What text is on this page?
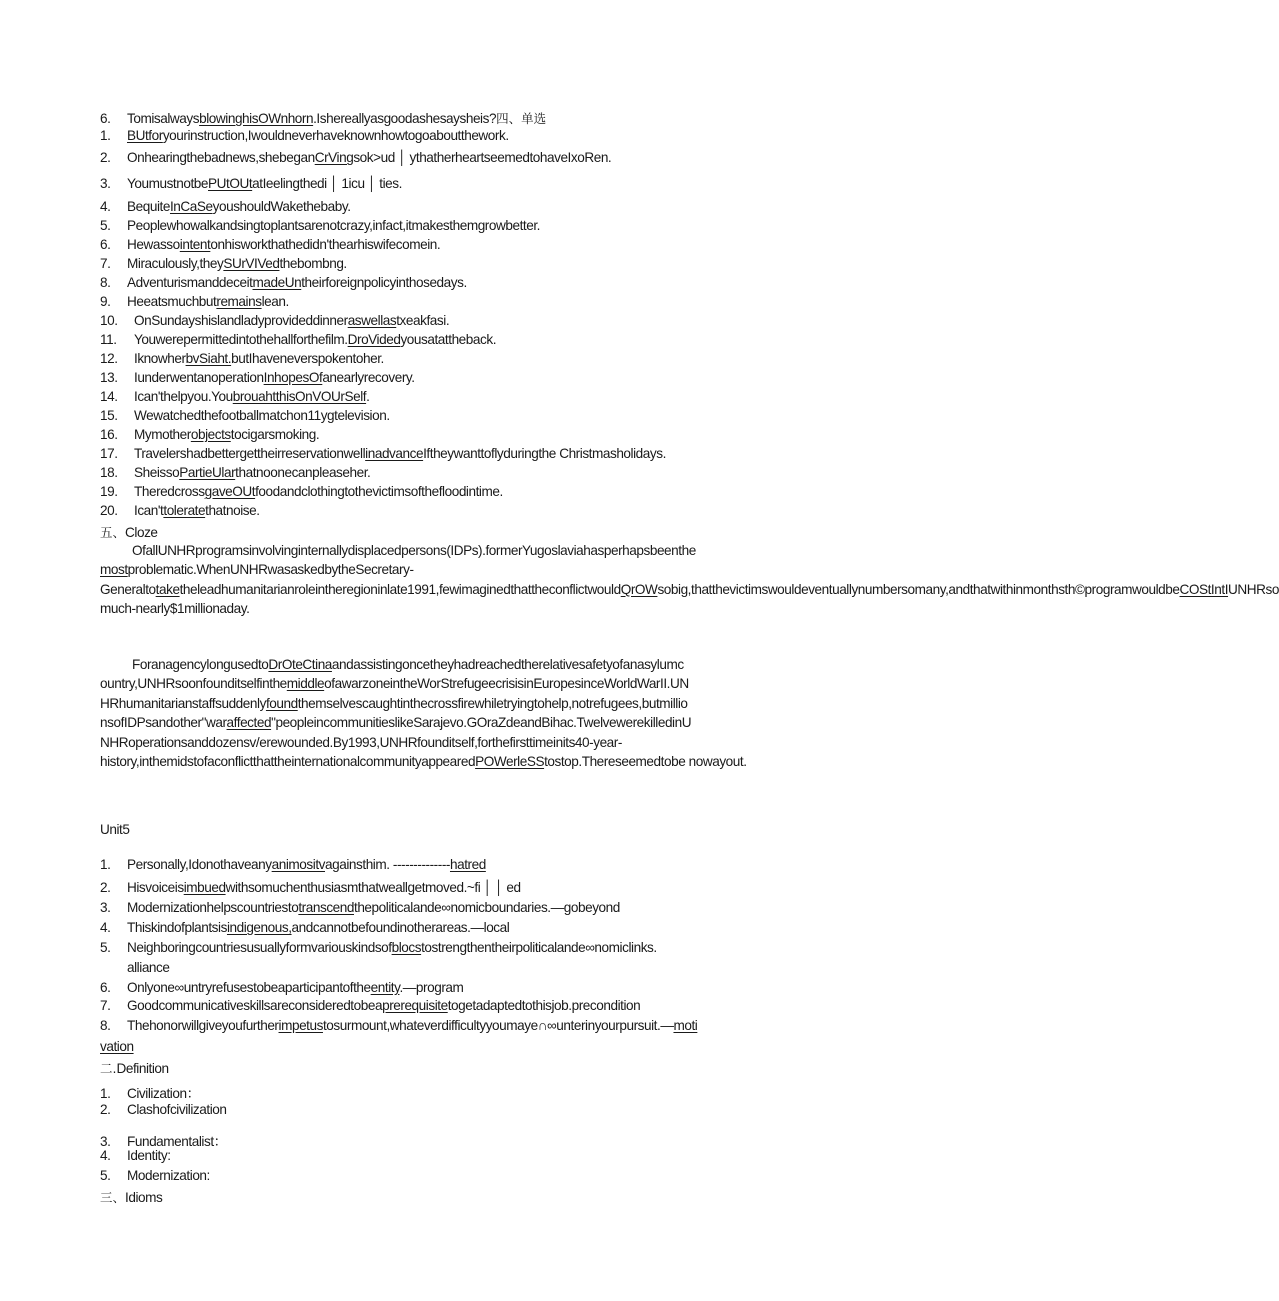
6. TomisalwaysblowinghisOWnhorn.Ishereallyasgoodashesaysheis?四、单选
1. BUtforyourinstruction,Iwouldneverhaveknownhowtogoaboutthework.
2. Onhearingthebadnews,shebeganCrVingsok>ud │ ythatherheartseemedtohaveIxoRen.
3. YoumustnotbePUtOUtatIeelingthedi │ 1icu │ ties.
4. BequiteInCaSeyoushouldWakethebaby.
5. Peoplewhowalkandsingtoplantsarenotcrazy,infact,itmakesthemgrowbetter.
6. Hewassointentonhisworkthathedidn'thearhiswifecomein.
7. Miraculously,theySUrVIVedthebombng.
8. AdventurismanddeceitmadeUntheirforeignpolicyinthosedays.
9. Heeatsmuchbutremainslean.
10. OnSundayshislandladyprovideddinneraswellastxeakfasi.
11. Youwerepermittedintothehallforthefilm.DroVidedyousatattheback.
12. IknowherbvSiaht.butIhaveneverspokentoher.
13. IunderwentanoperationInhopesOfanearlyrecovery.
14. Ican'thelpyou.YoubrouahtthisOnVOUrSelf.
15. Wewatchedthefootballmatchon11ygtelevision.
16. Mymotherobjectstocigarsmoking.
17. TravelershadbettergettheirreservationwellinadvanceIftheywanttoflyduringthe Christmasholidays.
18. SheissoPartieUlarthatnoonecanpleaseher.
19. TheredcrossgaveOUtfoodandclothingtothevictimsofthefloodintime.
20. Ican'ttoleratethatnoise.
五、Cloze
OfallUNHRprogramsinvolvinginternallydisplacedpersons(IDPs).formerYugoslaviahasperhapsbeenthe mostproblematic.WhenUNHRwasaskedbytheSecretary-Generaltotaketheleadhumanitarianroleintheregioninlate1991,fewimaginedthattheconflictwouldQrOWsobig,thatthevictimswouldeventuallynumbersomany,andthatwithinmonthsth©programwouldbeCOStIntIUNHRso much-nearly$1millionaday.
ForanagencylongusedtoDrOteCtinaandassistingoncetheyhadreachedtherelativesafetyofanasylumc ountry,UNHRsoonfounditselfinthemiddleofawarzoneintheWorStrefugeecrisisinEuropesinceWorldWarII.UN HRhumanitarianstaffsuddenlyfoundthemselvescaughtinthecrossfirewhiletryingtohelp,notrefugees,butmillio nsofIDPsandother"waraffected"peopleincommunitieslikeSarajevo.GOraZdeandBihac.TwelvewerekilledinU NHRoperationsanddozensv/erewounded.By1993,UNHRfounditself,forthefirsttimeinits40-year-history,inthemidstofaconflictthattheinternationalcommunityappearedPOWerleSStostop.Thereseemedtobe nowayout.
Unit5
1. Personally,Idonothaveanyanimositvagainsthim. --------------hatred
2. Hisvoiceisimbuedwithsomuchenthusiasmthatweallgetmoved.~fi │ │ ed
3. Modernizationhelpscountriestotranscendthepoliticalande∞nomicboundaries.—gobeyond
4. Thiskindofplantsisindigenous,andcannotbefoundinotherareas.—local
5. Neighboringcountriesusuallyformvariouskindsofblocstostrengthentheirpoliticalande∞nomiclinks.
6. Onlyone∞untryrefusestobeaparticipantoftheentity.—program
7. Goodcommunicativeskillsareconsideredtobeaprerequisitetogetadaptedtothisjob.precondition
8. Thehonorwillgiveyoufurtherimpetustosurmount,whateverdifficultyyoumaye∩∞unterinyourpursuit.—moti
alliance
vation
二.Definition
1. Civilization：
2. Clashofcivilization
3. Fundamentalist：
4. Identity:
5. Modernization:
三、Idioms
